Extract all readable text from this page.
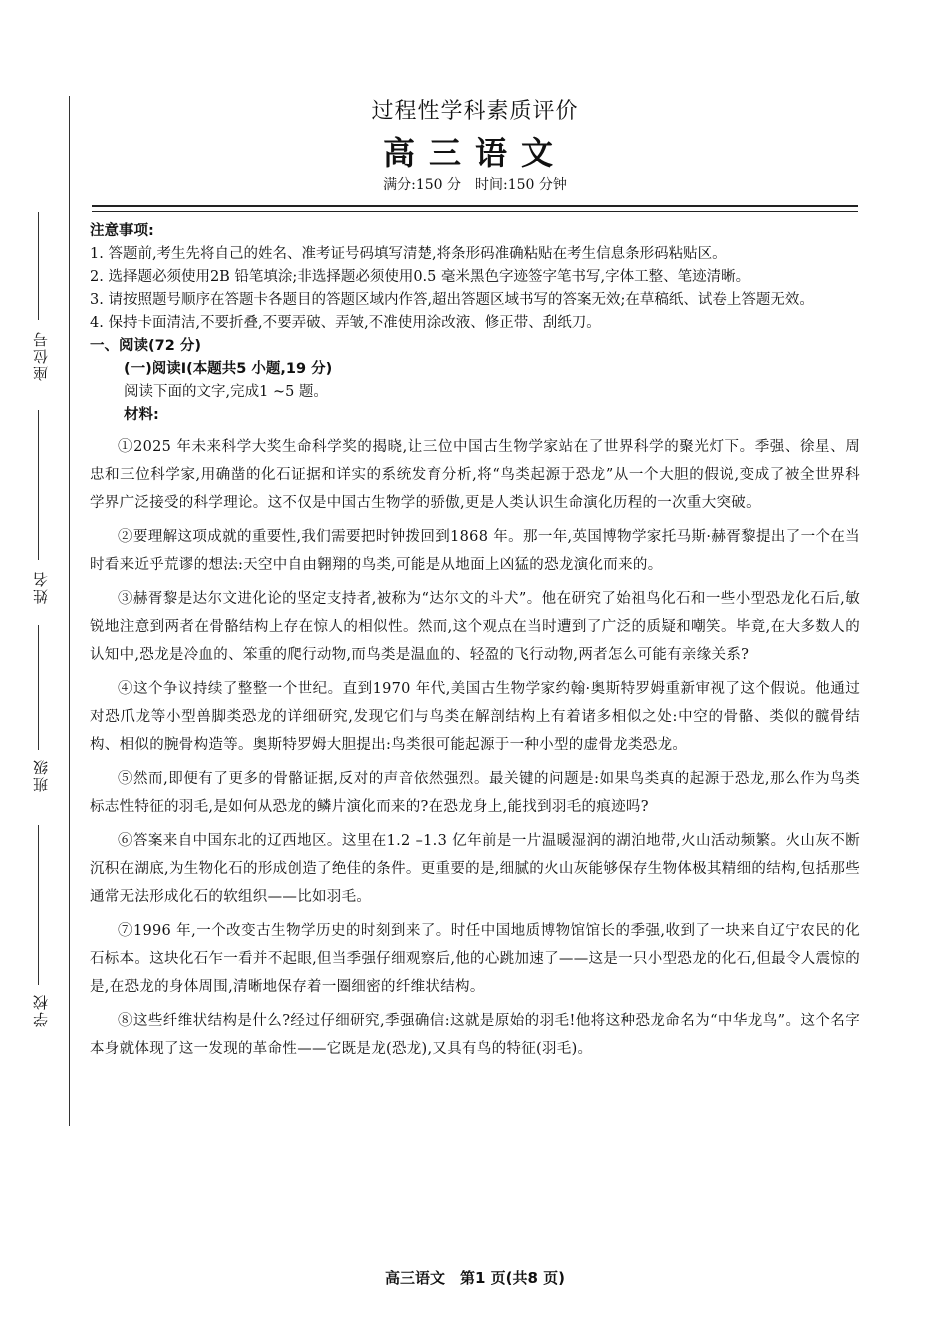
座位号
姓名
班级
学校
过程性学科素质评价
高三语文
满分:150 分　时间:150 分钟
注意事项:
1. 答题前,考生先将自己的姓名、准考证号码填写清楚,将条形码准确粘贴在考生信息条形码粘贴区。
2. 选择题必须使用2B 铅笔填涂;非选择题必须使用0.5 毫米黑色字迹签字笔书写,字体工整、笔迹清晰。
3. 请按照题号顺序在答题卡各题目的答题区域内作答,超出答题区域书写的答案无效;在草稿纸、试卷上答题无效。
4. 保持卡面清洁,不要折叠,不要弄破、弄皱,不准使用涂改液、修正带、刮纸刀。
一、阅读(72 分)
(一)阅读Ⅰ(本题共5 小题,19 分)
阅读下面的文字,完成1 ~5 题。
材料:
①2025 年未来科学大奖生命科学奖的揭晓,让三位中国古生物学家站在了世界科学的聚光灯下。季强、徐星、周忠和三位科学家,用确凿的化石证据和详实的系统发育分析,将“鸟类起源于恐龙”从一个大胆的假说,变成了被全世界科学界广泛接受的科学理论。这不仅是中国古生物学的骄傲,更是人类认识生命演化历程的一次重大突破。
②要理解这项成就的重要性,我们需要把时钟拨回到1868 年。那一年,英国博物学家托马斯·赫胥黎提出了一个在当时看来近乎荒谬的想法:天空中自由翱翔的鸟类,可能是从地面上凶猛的恐龙演化而来的。
③赫胥黎是达尔文进化论的坚定支持者,被称为“达尔文的斗犬”。他在研究了始祖鸟化石和一些小型恐龙化石后,敏锐地注意到两者在骨骼结构上存在惊人的相似性。然而,这个观点在当时遭到了广泛的质疑和嘲笑。毕竟,在大多数人的认知中,恐龙是冷血的、笨重的爬行动物,而鸟类是温血的、轻盈的飞行动物,两者怎么可能有亲缘关系?
④这个争议持续了整整一个世纪。直到1970 年代,美国古生物学家约翰·奥斯特罗姆重新审视了这个假说。他通过对恐爪龙等小型兽脚类恐龙的详细研究,发现它们与鸟类在解剖结构上有着诸多相似之处:中空的骨骼、类似的髋骨结构、相似的腕骨构造等。奥斯特罗姆大胆提出:鸟类很可能起源于一种小型的虚骨龙类恐龙。
⑤然而,即便有了更多的骨骼证据,反对的声音依然强烈。最关键的问题是:如果鸟类真的起源于恐龙,那么作为鸟类标志性特征的羽毛,是如何从恐龙的鳞片演化而来的?在恐龙身上,能找到羽毛的痕迹吗?
⑥答案来自中国东北的辽西地区。这里在1.2 –1.3 亿年前是一片温暖湿润的湖泊地带,火山活动频繁。火山灰不断沉积在湖底,为生物化石的形成创造了绝佳的条件。更重要的是,细腻的火山灰能够保存生物体极其精细的结构,包括那些通常无法形成化石的软组织——比如羽毛。
⑦1996 年,一个改变古生物学历史的时刻到来了。时任中国地质博物馆馆长的季强,收到了一块来自辽宁农民的化石标本。这块化石乍一看并不起眼,但当季强仔细观察后,他的心跳加速了——这是一只小型恐龙的化石,但最令人震惊的是,在恐龙的身体周围,清晰地保存着一圈细密的纤维状结构。
⑧这些纤维状结构是什么?经过仔细研究,季强确信:这就是原始的羽毛!他将这种恐龙命名为“中华龙鸟”。这个名字本身就体现了这一发现的革命性——它既是龙(恐龙),又具有鸟的特征(羽毛)。
高三语文　第1 页(共8 页)
